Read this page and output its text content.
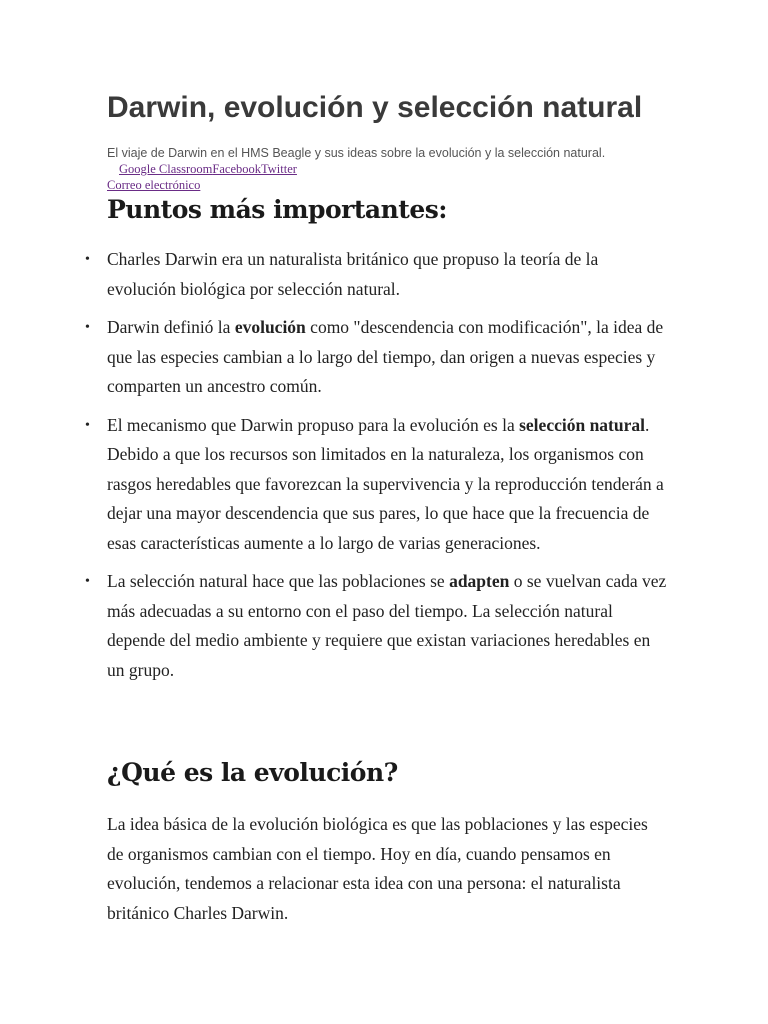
Darwin, evolución y selección natural

El viaje de Darwin en el HMS Beagle y sus ideas sobre la evolución y la selección natural.

Google ClassroomFacebookTwitter
Correo electrónico
Puntos más importantes:
• Charles Darwin era un naturalista británico que propuso la teoría de la evolución biológica por selección natural.
• Darwin definió la evolución como "descendencia con modificación", la idea de que las especies cambian a lo largo del tiempo, dan origen a nuevas especies y comparten un ancestro común.
• El mecanismo que Darwin propuso para la evolución es la selección natural. Debido a que los recursos son limitados en la naturaleza, los organismos con rasgos heredables que favorezcan la supervivencia y la reproducción tenderán a dejar una mayor descendencia que sus pares, lo que hace que la frecuencia de esas características aumente a lo largo de varias generaciones.
• La selección natural hace que las poblaciones se adapten o se vuelvan cada vez más adecuadas a su entorno con el paso del tiempo. La selección natural depende del medio ambiente y requiere que existan variaciones heredables en un grupo.
¿Qué es la evolución?

La idea básica de la evolución biológica es que las poblaciones y las especies de organismos cambian con el tiempo. Hoy en día, cuando pensamos en evolución, tendemos a relacionar esta idea con una persona: el naturalista británico Charles Darwin.
